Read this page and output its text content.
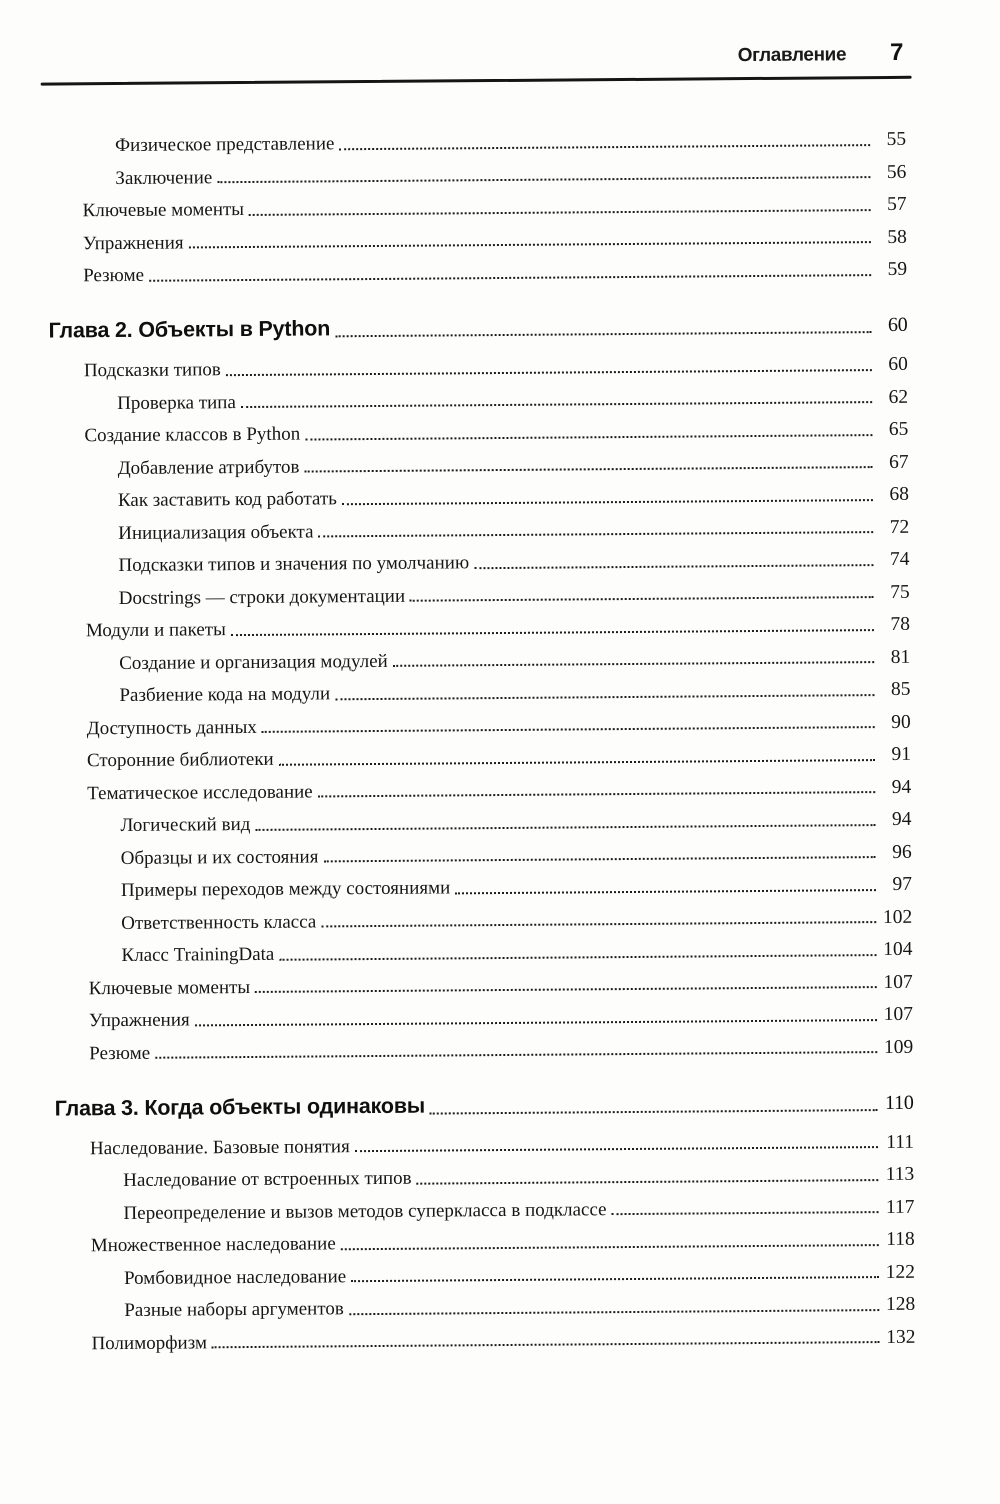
Оглавление 7
Физическое представление	55
Заключение	56
Ключевые моменты	57
Упражнения	58
Резюме	59
Глава 2. Объекты в Python	60
Подсказки типов	60
Проверка типа	62
Создание классов в Python	65
Добавление атрибутов	67
Как заставить код работать	68
Инициализация объекта	72
Подсказки типов и значения по умолчанию	74
Docstrings — строки документации	75
Модули и пакеты	78
Создание и организация модулей	81
Разбиение кода на модули	85
Доступность данных	90
Сторонние библиотеки	91
Тематическое исследование	94
Логический вид	94
Образцы и их состояния	96
Примеры переходов между состояниями	97
Ответственность класса	102
Класс TrainingData	104
Ключевые моменты	107
Упражнения	107
Резюме	109
Глава 3. Когда объекты одинаковы	110
Наследование. Базовые понятия	111
Наследование от встроенных типов	113
Переопределение и вызов методов суперкласса в подклассе	117
Множественное наследование	118
Ромбовидное наследование	122
Разные наборы аргументов	128
Полиморфизм	132
